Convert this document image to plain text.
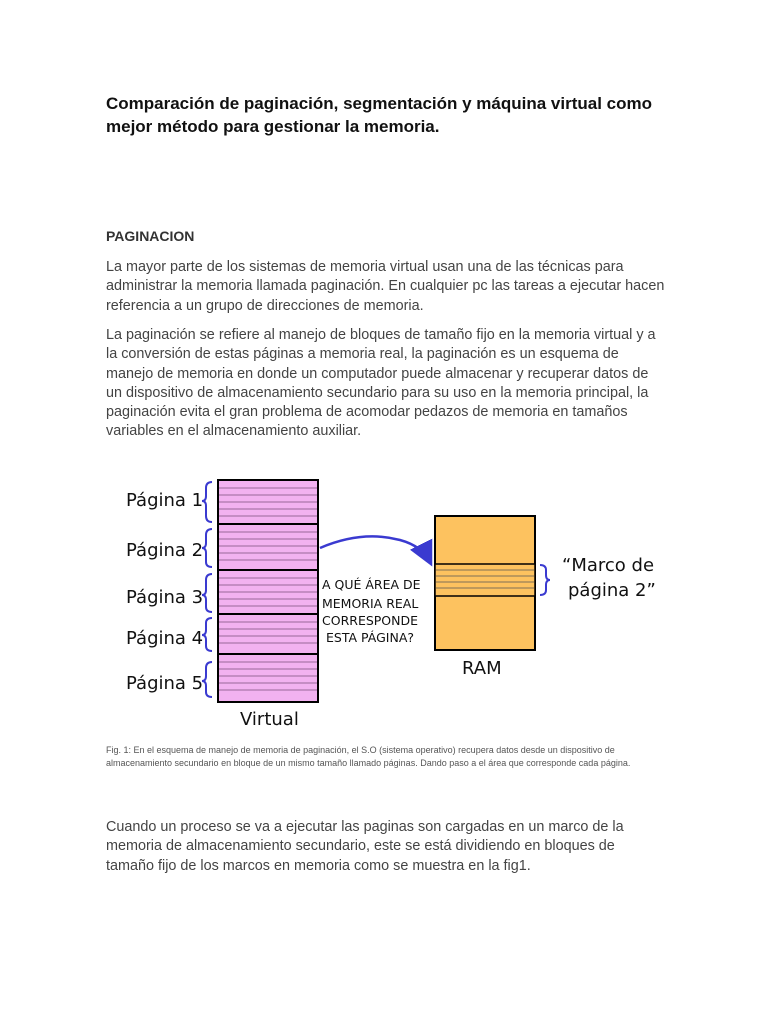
Comparación de paginación, segmentación y máquina virtual como mejor método para gestionar la memoria.
PAGINACION

La mayor parte de los sistemas de memoria virtual usan una de las técnicas para administrar la memoria llamada paginación. En cualquier pc las tareas a ejecutar hacen referencia a un grupo de direcciones de memoria.

La paginación se refiere al manejo de bloques de tamaño fijo en la memoria virtual y a la conversión de estas páginas a memoria real, la paginación es un esquema de manejo de memoria en donde un computador puede almacenar y recuperar datos de un dispositivo de almacenamiento secundario para su uso en la memoria principal, la paginación evita el gran problema de acomodar pedazos de memoria en tamaños variables en el almacenamiento auxiliar.

Página 1
Página 2
Página 3
Página 4
Página 5
Virtual
A QUÉ ÁREA DE
MEMORIA REAL
CORRESPONDE
ESTA PÁGINA?
RAM
“Marco de
página 2”

Fig. 1: En el esquema de manejo de memoria de paginación, el S.O (sistema operativo) recupera datos desde un dispositivo de almacenamiento secundario en bloque de un mismo tamaño llamado páginas. Dando paso a el área que corresponde cada página.

Cuando un proceso se va a ejecutar las paginas son cargadas en un marco de la memoria de almacenamiento secundario, este se está dividiendo en bloques de tamaño fijo de los marcos en memoria como se muestra en la fig1.
